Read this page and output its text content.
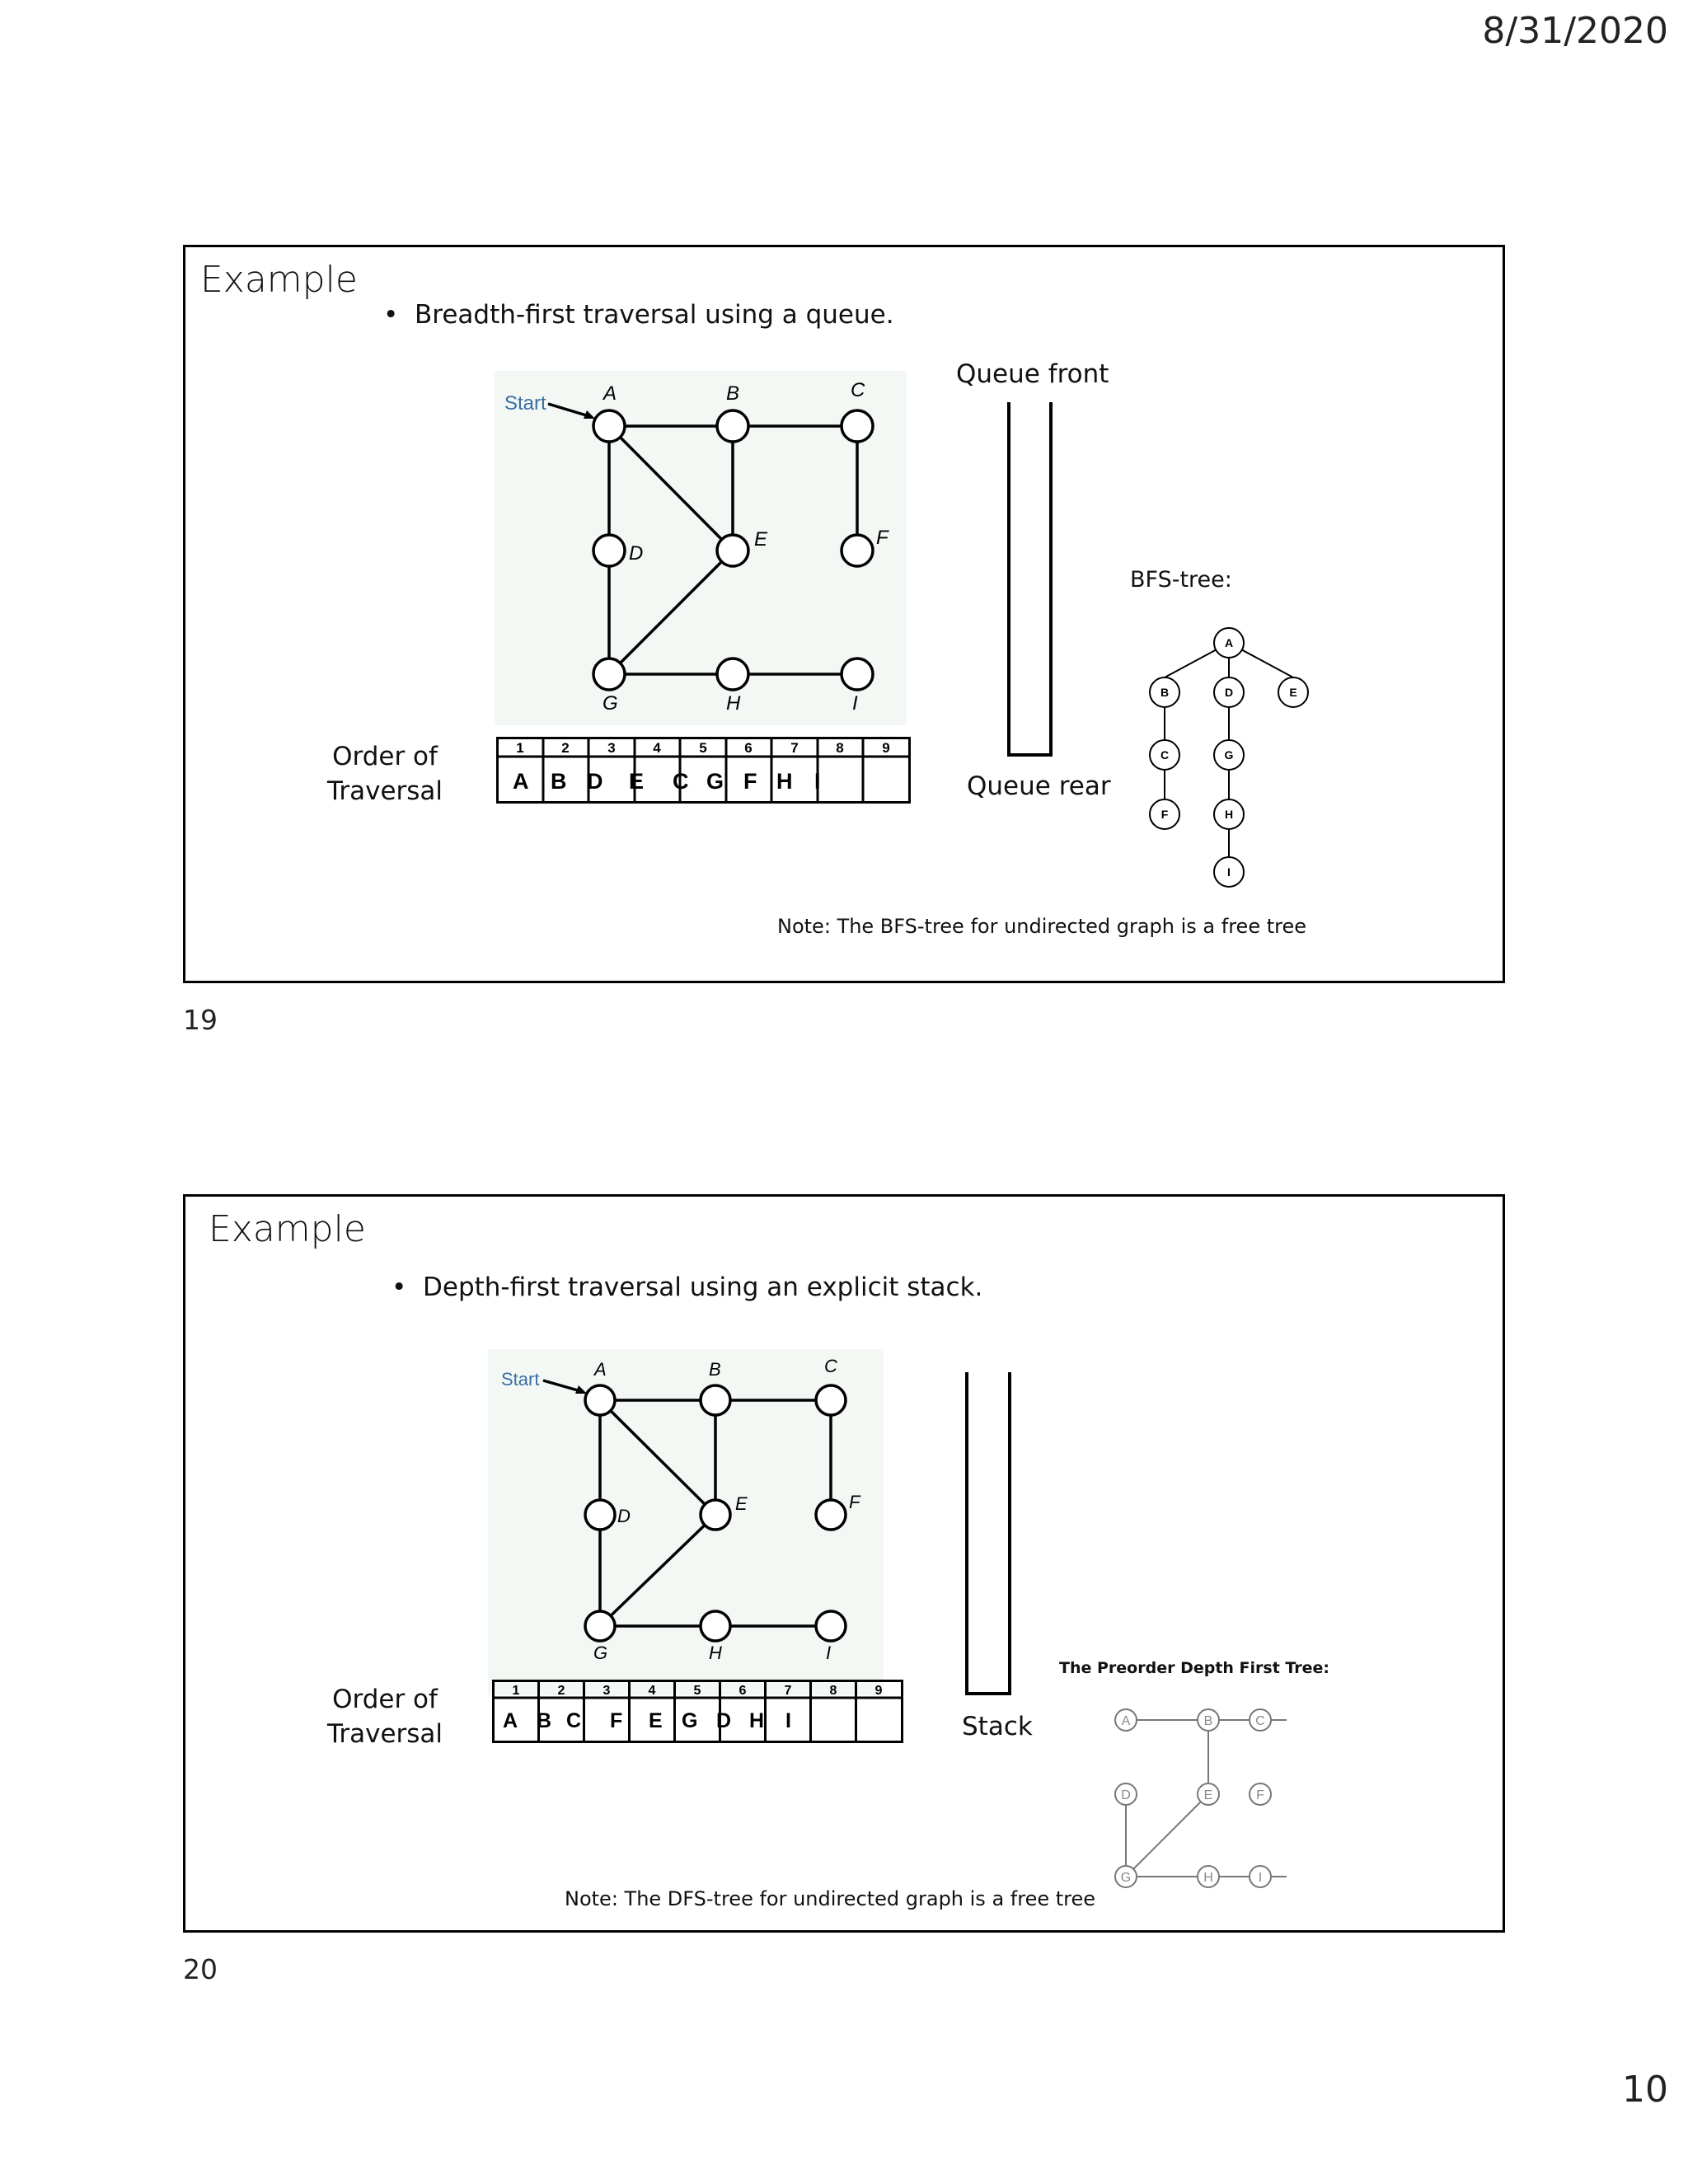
8/31/2020
10
Example
•  Breadth-first traversal using a queue.
Start	A	B	C
D
E	F
G	H	I
Order of
Traversal
1	2	3	4	5	6	7	8	9
A B D E C G F H I
Queue front
Queue rear
BFS-tree:
A
B	D	E
C	G
F	H
I
Note: The BFS-tree for undirected graph is a free tree
19
Example
•  Depth-first traversal using an explicit stack.
Start	A	B	C
D
E	F
G	H	I
Order of
Traversal
1	2	3	4	5	6	7	8	9
A B C F E G D H I	Stack
The Preorder Depth First Tree:
A	B	C
D	E	F
G	H	I
Note: The DFS-tree for undirected graph is a free tree
20
